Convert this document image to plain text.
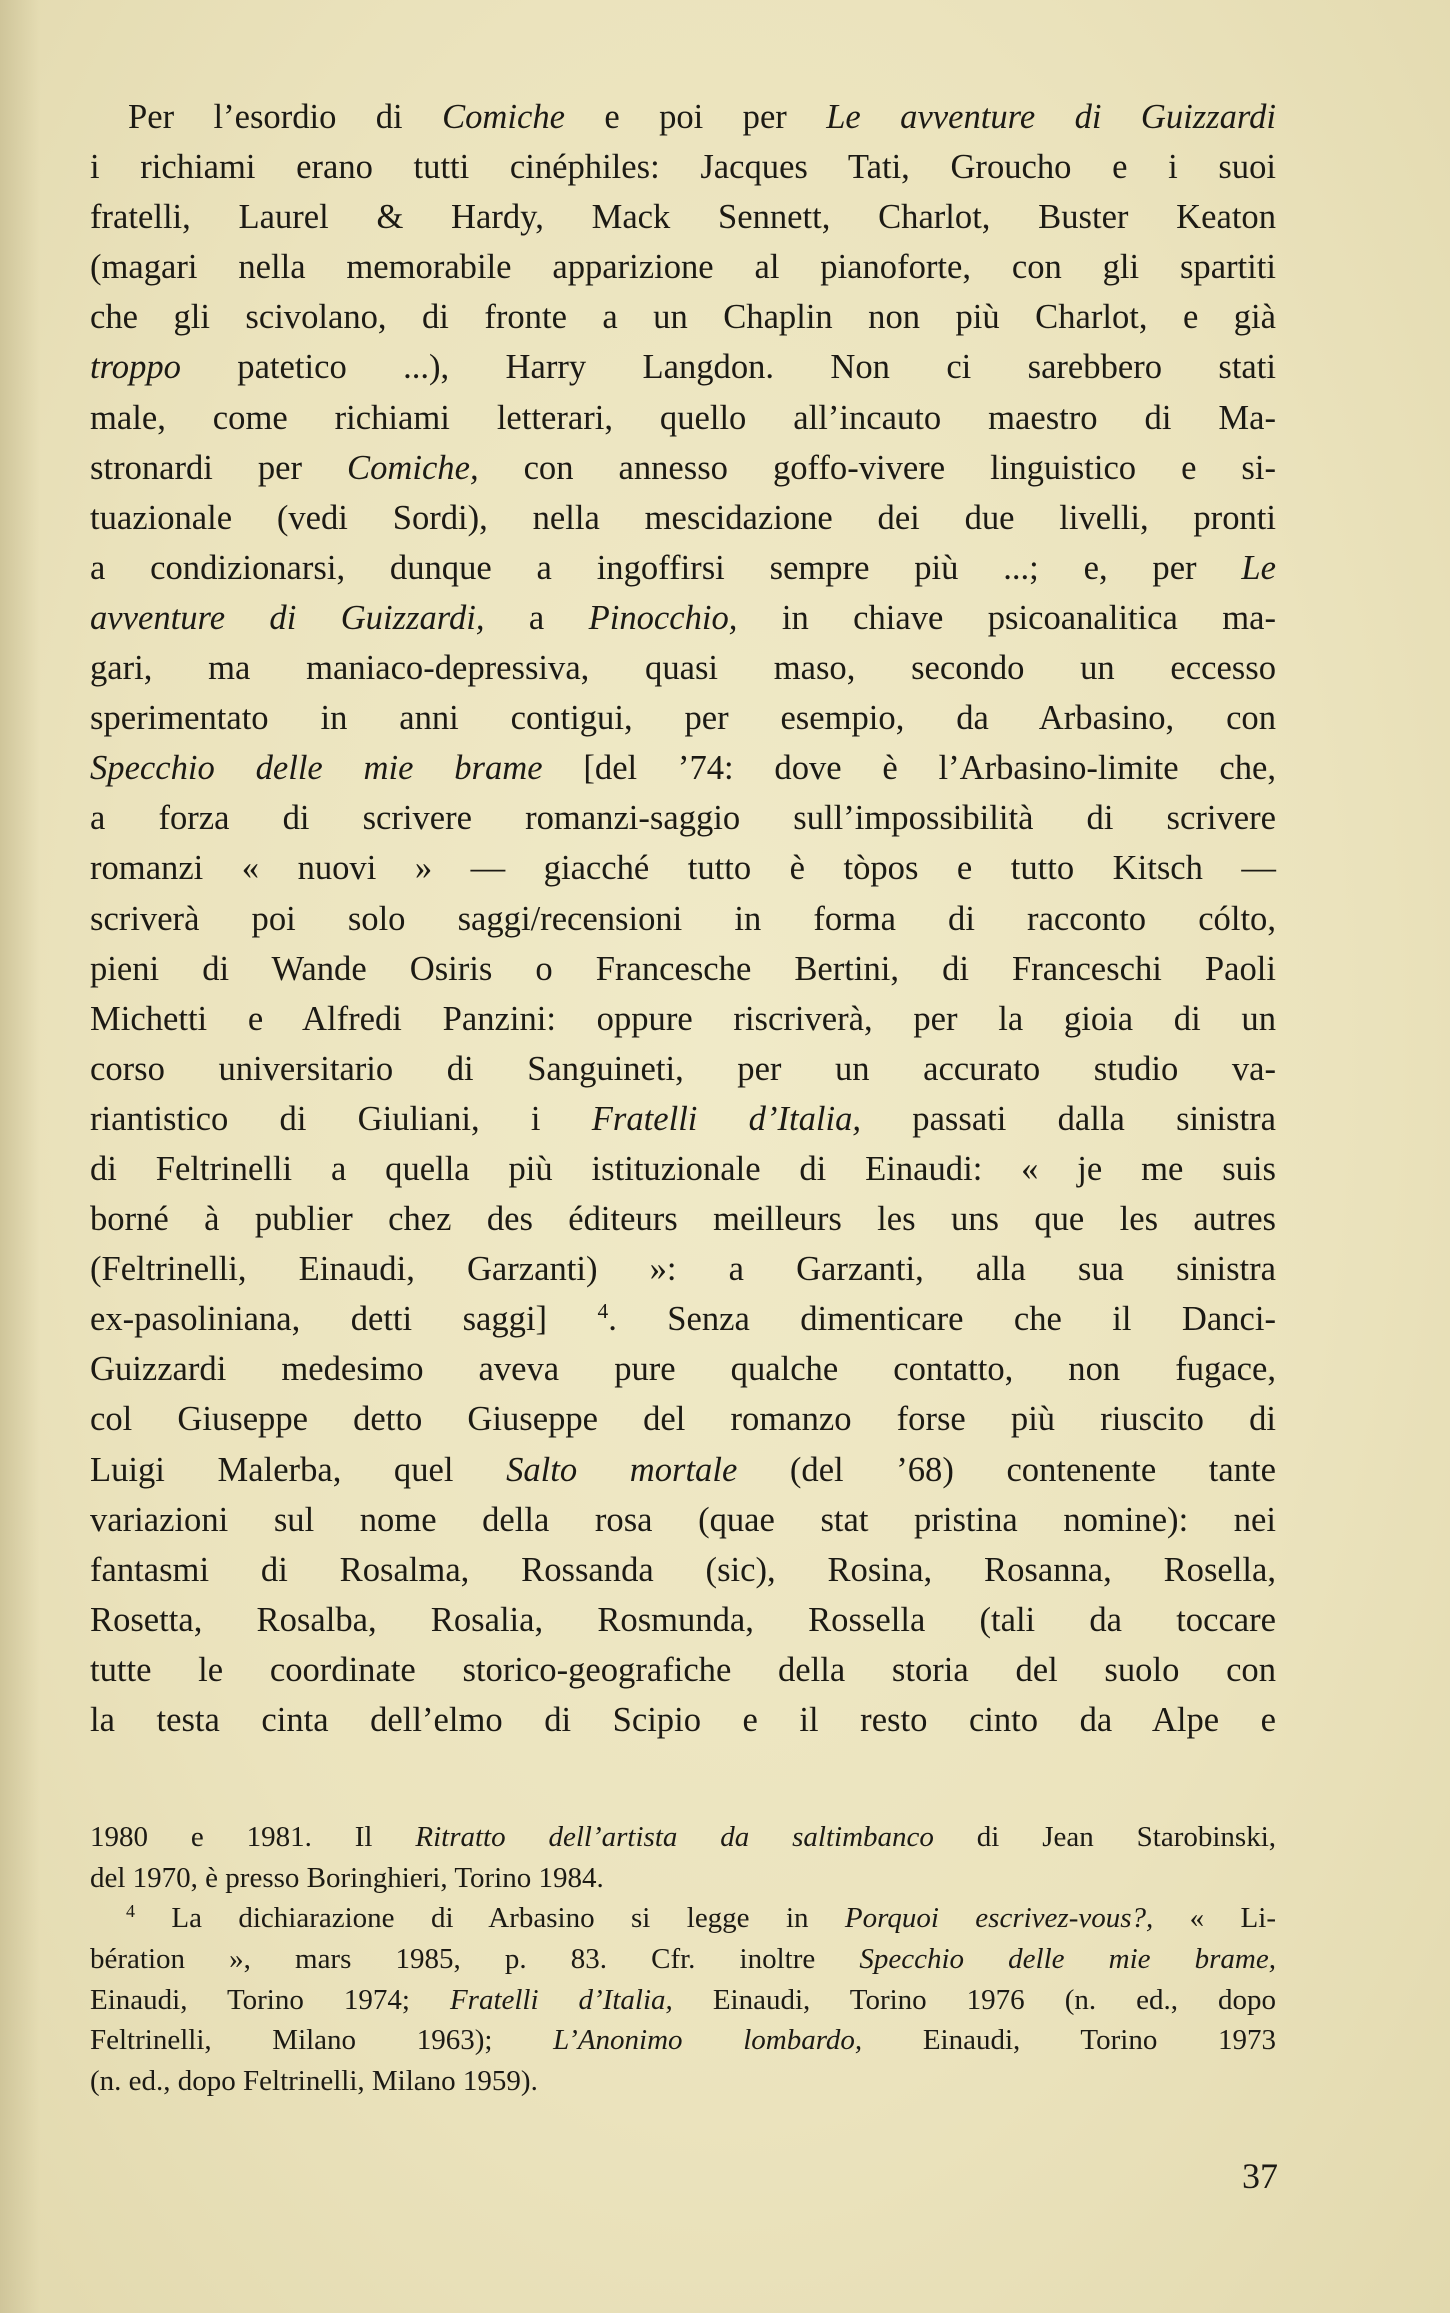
Per l’esordio di Comiche e poi per Le avventure di Guizzardi
i richiami erano tutti cinéphiles: Jacques Tati, Groucho e i suoi
fratelli, Laurel & Hardy, Mack Sennett, Charlot, Buster Keaton
(magari nella memorabile apparizione al pianoforte, con gli spartiti
che gli scivolano, di fronte a un Chaplin non più Charlot, e già
troppo patetico ...), Harry Langdon. Non ci sarebbero stati
male, come richiami letterari, quello all’incauto maestro di Ma-
stronardi per Comiche, con annesso goffo-vivere linguistico e si-
tuazionale (vedi Sordi), nella mescidazione dei due livelli, pronti
a condizionarsi, dunque a ingoffirsi sempre più ...; e, per Le
avventure di Guizzardi, a Pinocchio, in chiave psicoanalitica ma-
gari, ma maniaco-depressiva, quasi maso, secondo un eccesso
sperimentato in anni contigui, per esempio, da Arbasino, con
Specchio delle mie brame [del ’74: dove è l’Arbasino-limite che,
a forza di scrivere romanzi-saggio sull’impossibilità di scrivere
romanzi « nuovi » — giacché tutto è tòpos e tutto Kitsch —
scriverà poi solo saggi/recensioni in forma di racconto cólto,
pieni di Wande Osiris o Francesche Bertini, di Franceschi Paoli
Michetti e Alfredi Panzini: oppure riscriverà, per la gioia di un
corso universitario di Sanguineti, per un accurato studio va-
riantistico di Giuliani, i Fratelli d’Italia, passati dalla sinistra
di Feltrinelli a quella più istituzionale di Einaudi: « je me suis
borné à publier chez des éditeurs meilleurs les uns que les autres
(Feltrinelli, Einaudi, Garzanti) »: a Garzanti, alla sua sinistra
ex-pasoliniana, detti saggi] $^4$. Senza dimenticare che il Danci-
Guizzardi medesimo aveva pure qualche contatto, non fugace,
col Giuseppe detto Giuseppe del romanzo forse più riuscito di
Luigi Malerba, quel Salto mortale (del ’68) contenente tante
variazioni sul nome della rosa (quae stat pristina nomine): nei
fantasmi di Rosalma, Rossanda (sic), Rosina, Rosanna, Rosella,
Rosetta, Rosalba, Rosalia, Rosmunda, Rossella (tali da toccare
tutte le coordinate storico-geografiche della storia del suolo con
la testa cinta dell’elmo di Scipio e il resto cinto da Alpe e
1980 e 1981. Il Ritratto dell’artista da saltimbanco di Jean Starobinski,
del 1970, è presso Boringhieri, Torino 1984.
$^4$ La dichiarazione di Arbasino si legge in Porquoi escrivez-vous?, « Li-
bération », mars 1985, p. 83. Cfr. inoltre Specchio delle mie brame,
Einaudi, Torino 1974; Fratelli d’Italia, Einaudi, Torino 1976 (n. ed., dopo
Feltrinelli, Milano 1963); L’Anonimo lombardo, Einaudi, Torino 1973
(n. ed., dopo Feltrinelli, Milano 1959).
37
